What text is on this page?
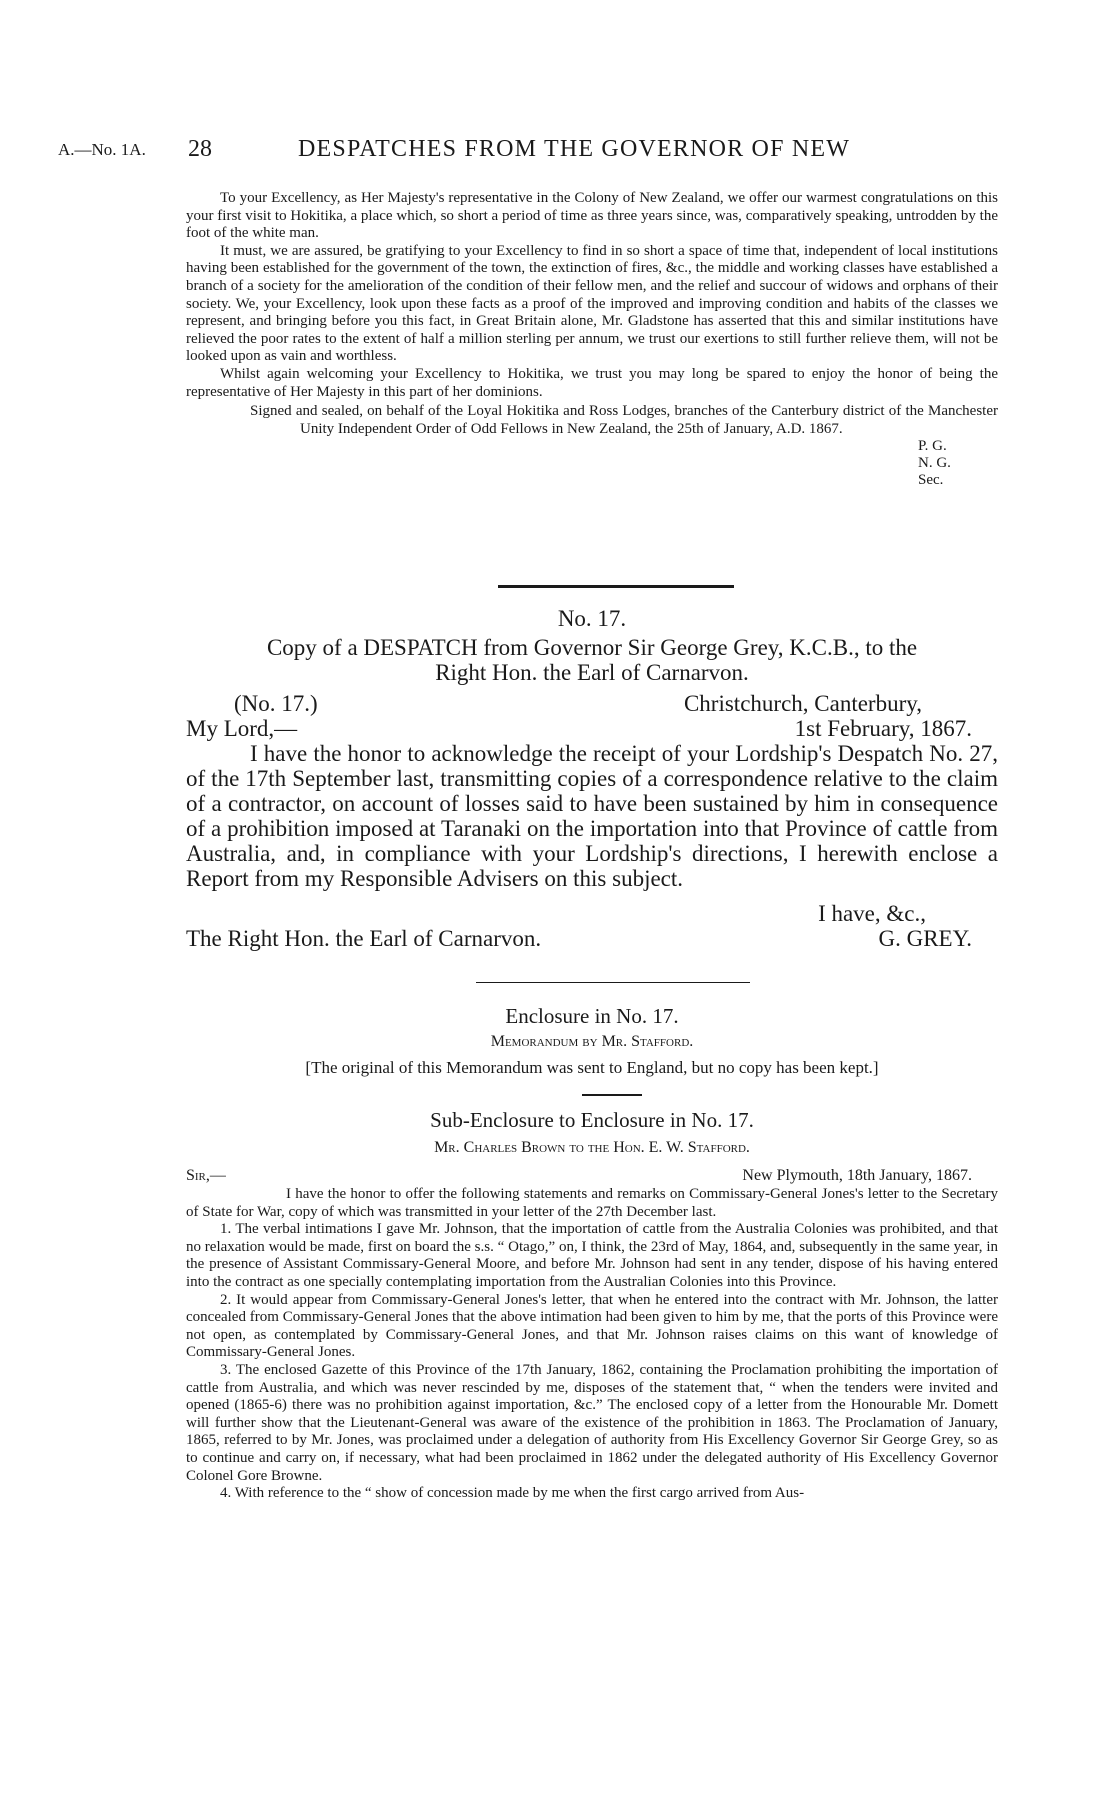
A.—No. 1A. 28	DESPATCHES FROM THE GOVERNOR OF NEW

To your Excellency, as Her Majesty's representative in the Colony of New Zealand, we offer our warmest congratulations on this your first visit to Hokitika, a place which, so short a period of time as three years since, was, comparatively speaking, untrodden by the foot of the white man.

It must, we are assured, be gratifying to your Excellency to find in so short a space of time that, independent of local institutions having been established for the government of the town, the extinction of fires, &c., the middle and working classes have established a branch of a society for the amelioration of the condition of their fellow men, and the relief and succour of widows and orphans of their society. We, your Excellency, look upon these facts as a proof of the improved and improving condition and habits of the classes we represent, and bringing before you this fact, in Great Britain alone, Mr. Gladstone has asserted that this and similar institutions have relieved the poor rates to the extent of half a million sterling per annum, we trust our exertions to still further relieve them, will not be looked upon as vain and worthless.

Whilst again welcoming your Excellency to Hokitika, we trust you may long be spared to enjoy the honor of being the representative of Her Majesty in this part of her dominions.

Signed and sealed, on behalf of the Loyal Hokitika and Ross Lodges, branches of the Canterbury district of the Manchester Unity Independent Order of Odd Fellows in New Zealand, the 25th of January, A.D. 1867.

P. G.
N. G.
Sec.
No. 17.
Copy of a DESPATCH from Governor Sir George Grey, K.C.B., to the
Right Hon. the Earl of Carnarvon.
(No. 17.)	Christchurch, Canterbury,
My Lord,—	1st February, 1867.

I have the honor to acknowledge the receipt of your Lordship's Despatch No. 27, of the 17th September last, transmitting copies of a correspondence relative to the claim of a contractor, on account of losses said to have been sustained by him in consequence of a prohibition imposed at Taranaki on the importation into that Province of cattle from Australia, and, in compliance with your Lordship's directions, I herewith enclose a Report from my Responsible Advisers on this subject.

I have, &c.,
The Right Hon. the Earl of Carnarvon.	G. GREY.
Enclosure in No. 17.
Memorandum by Mr. Stafford.
[The original of this Memorandum was sent to England, but no copy has been kept.]
Sub-Enclosure to Enclosure in No. 17.
Mr. Charles Brown to the Hon. E. W. Stafford.
Sir,—	New Plymouth, 18th January, 1867.

I have the honor to offer the following statements and remarks on Commissary-General Jones's letter to the Secretary of State for War, copy of which was transmitted in your letter of the 27th December last.

1. The verbal intimations I gave Mr. Johnson, that the importation of cattle from the Australia Colonies was prohibited, and that no relaxation would be made, first on board the s.s. “ Otago,” on, I think, the 23rd of May, 1864, and, subsequently in the same year, in the presence of Assistant Commissary-General Moore, and before Mr. Johnson had sent in any tender, dispose of his having entered into the contract as one specially contemplating importation from the Australian Colonies into this Province.

2. It would appear from Commissary-General Jones's letter, that when he entered into the contract with Mr. Johnson, the latter concealed from Commissary-General Jones that the above intimation had been given to him by me, that the ports of this Province were not open, as contemplated by Commissary-General Jones, and that Mr. Johnson raises claims on this want of knowledge of Commissary-General Jones.

3. The enclosed Gazette of this Province of the 17th January, 1862, containing the Proclamation prohibiting the importation of cattle from Australia, and which was never rescinded by me, disposes of the statement that, “ when the tenders were invited and opened (1865-6) there was no prohibition against importation, &c.” The enclosed copy of a letter from the Honourable Mr. Domett will further show that the Lieutenant-General was aware of the existence of the prohibition in 1863. The Proclamation of January, 1865, referred to by Mr. Jones, was proclaimed under a delegation of authority from His Excellency Governor Sir George Grey, so as to continue and carry on, if necessary, what had been proclaimed in 1862 under the delegated authority of His Excellency Governor Colonel Gore Browne.

4. With reference to the “ show of concession made by me when the first cargo arrived from Aus-
